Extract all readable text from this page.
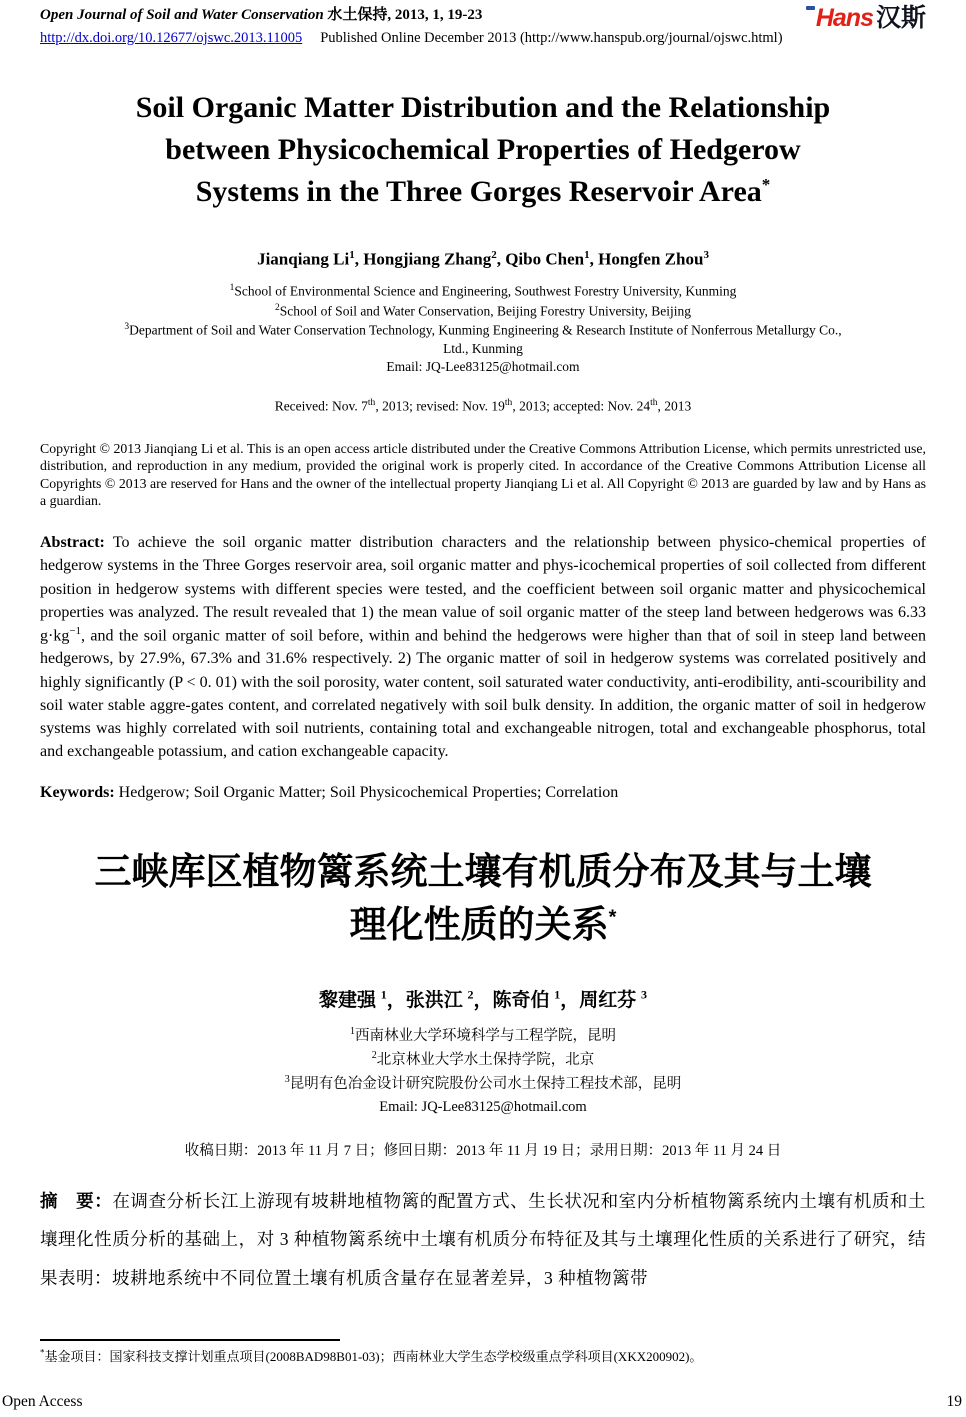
Open Journal of Soil and Water Conservation 水土保持, 2013, 1, 19-23
http://dx.doi.org/10.12677/ojswc.2013.11005 Published Online December 2013 (http://www.hanspub.org/journal/ojswc.html)
Hans 汉斯
Soil Organic Matter Distribution and the Relationship
between Physicochemical Properties of Hedgerow
Systems in the Three Gorges Reservoir Area*
Jianqiang Li$^1$, Hongjiang Zhang$^2$, Qibo Chen$^1$, Hongfen Zhou$^3$
$^1$School of Environmental Science and Engineering, Southwest Forestry University, Kunming
$^2$School of Soil and Water Conservation, Beijing Forestry University, Beijing
$^3$Department of Soil and Water Conservation Technology, Kunming Engineering & Research Institute of Nonferrous Metallurgy Co.,
Ltd., Kunming
Email: JQ-Lee83125@hotmail.com
Received: Nov. 7th, 2013; revised: Nov. 19th, 2013; accepted: Nov. 24th, 2013

Copyright © 2013 Jianqiang Li et al. This is an open access article distributed under the Creative Commons Attribution License, which permits unrestricted use, distribution, and reproduction in any medium, provided the original work is properly cited. In accordance of the Creative Commons Attribution License all Copyrights © 2013 are reserved for Hans and the owner of the intellectual property Jianqiang Li et al. All Copyright © 2013 are guarded by law and by Hans as a guardian.

Abstract: To achieve the soil organic matter distribution characters and the relationship between physico-chemical properties of hedgerow systems in the Three Gorges reservoir area, soil organic matter and phys-icochemical properties of soil collected from different position in hedgerow systems with different species were tested, and the coefficient between soil organic matter and physicochemical properties was analyzed. The result revealed that 1) the mean value of soil organic matter of the steep land between hedgerows was 6.33 $g\cdot kg^{-1}$, and the soil organic matter of soil before, within and behind the hedgerows were higher than that of soil in steep land between hedgerows, by 27.9%, 67.3% and 31.6% respectively. 2) The organic matter of soil in hedgerow systems was correlated positively and highly significantly (P < 0. 01) with the soil porosity, water content, soil saturated water conductivity, anti-erodibility, anti-scouribility and soil water stable aggre-gates content, and correlated negatively with soil bulk density. In addition, the organic matter of soil in hedgerow systems was highly correlated with soil nutrients, containing total and exchangeable nitrogen, total and exchangeable phosphorus, total and exchangeable potassium, and cation exchangeable capacity.

Keywords: Hedgerow; Soil Organic Matter; Soil Physicochemical Properties; Correlation

三峡库区植物篱系统土壤有机质分布及其与土壤
理化性质的关系*
黎建强 $^1$，张洪江 $^2$，陈奇伯 $^1$，周红芬 $^3$
$^1$西南林业大学环境科学与工程学院，昆明
$^2$北京林业大学水土保持学院，北京
$^3$昆明有色冶金设计研究院股份公司水土保持工程技术部，昆明
Email: JQ-Lee83125@hotmail.com
收稿日期：2013 年 11 月 7 日；修回日期：2013 年 11 月 19 日；录用日期：2013 年 11 月 24 日

摘　要：在调查分析长江上游现有坡耕地植物篱的配置方式、生长状况和室内分析植物篱系统内土壤有机质和土壤理化性质分析的基础上，对 3 种植物篱系统中土壤有机质分布特征及其与土壤理化性质的关系进行了研究，结果表明：坡耕地系统中不同位置土壤有机质含量存在显著差异，3 种植物篱带

*基金项目：国家科技支撑计划重点项目(2008BAD98B01-03)；西南林业大学生态学校级重点学科项目(XKX200902)。

Open Access	19
